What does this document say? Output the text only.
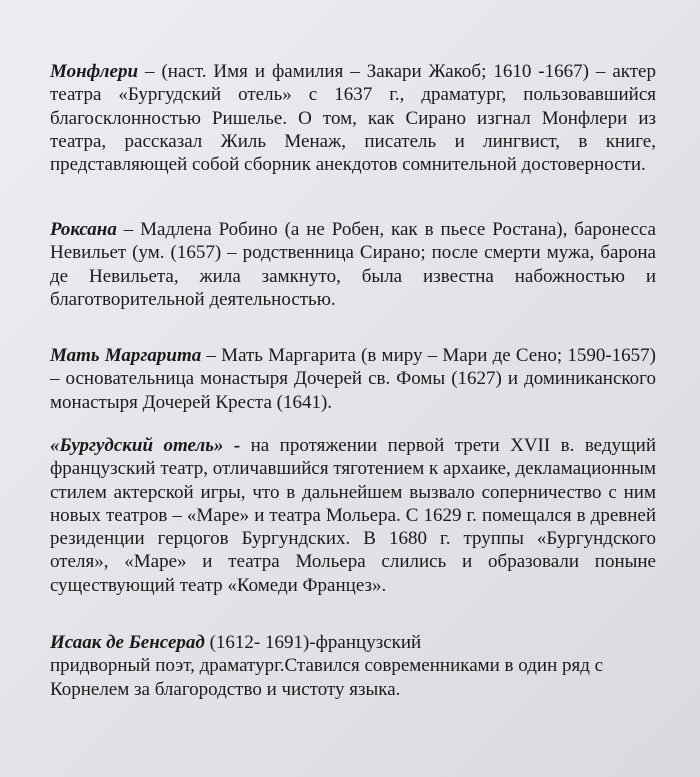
Монфлери – (наст. Имя и фамилия – Закари Жакоб; 1610 -1667) – актер театра «Бургудский отель» с 1637 г., драматург, пользовавшийся благосклонностью Ришелье. О том, как Сирано изгнал Монфлери из театра, рассказал Жиль Менаж, писатель и лингвист, в книге, представляющей собой сборник анекдотов сомнительной достоверности.

Роксана – Мадлена Робино (а не Робен, как в пьесе Ростана), баронесса Невильет (ум. (1657) – родственница Сирано; после смерти мужа, барона де Невильета, жила замкнуто, была известна набожностью и благотворительной деятельностью.

Мать Маргарита – Мать Маргарита (в миру – Мари де Сено; 1590-1657) – основательница монастыря Дочерей св. Фомы (1627) и доминиканского монастыря Дочерей Креста (1641).

«Бургудский отель» - на протяжении первой трети XVII в. ведущий французский театр, отличавшийся тяготением к архаике, декламационным стилем актерской игры, что в дальнейшем вызвало соперничество с ним новых театров – «Маре» и театра Мольера. С 1629 г. помещался в древней резиденции герцогов Бургундских. В 1680 г. труппы «Бургундского отеля», «Маре» и театра Мольера слились и образовали поныне существующий театр «Комеди Францез».

Исаак де Бенсерад (1612- 1691)-французский
придворный поэт, драматург.Ставился современниками в один ряд с
Корнелем за благородство и чистоту языка.
